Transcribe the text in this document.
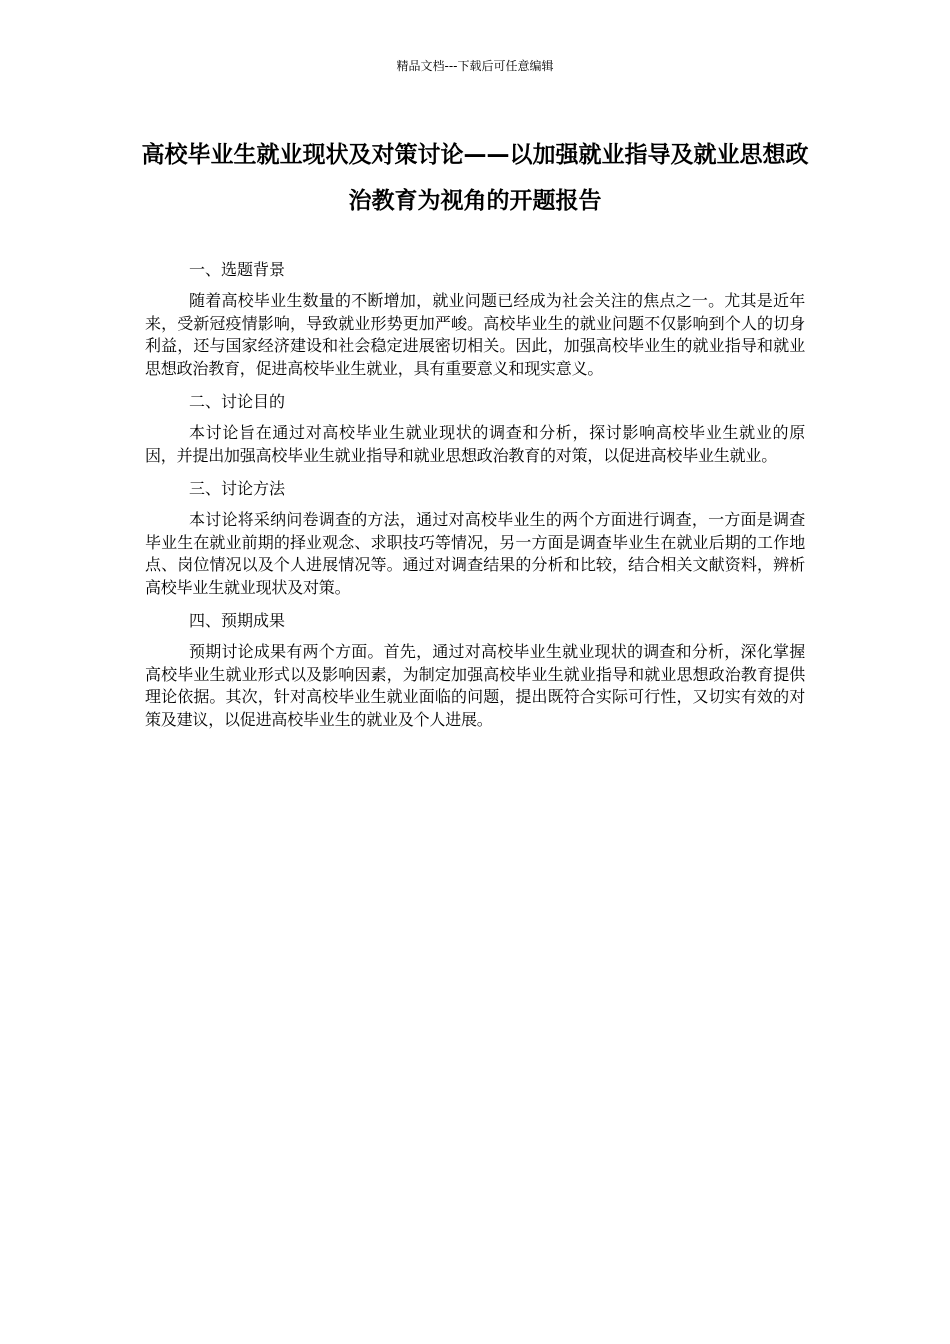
精品文档---下载后可任意编辑
高校毕业生就业现状及对策讨论——以加强就业指导及就业思想政治教育为视角的开题报告

一、选题背景

随着高校毕业生数量的不断增加，就业问题已经成为社会关注的焦点之一。尤其是近年来，受新冠疫情影响，导致就业形势更加严峻。高校毕业生的就业问题不仅影响到个人的切身利益，还与国家经济建设和社会稳定进展密切相关。因此，加强高校毕业生的就业指导和就业思想政治教育，促进高校毕业生就业，具有重要意义和现实意义。

二、讨论目的

本讨论旨在通过对高校毕业生就业现状的调查和分析，探讨影响高校毕业生就业的原因，并提出加强高校毕业生就业指导和就业思想政治教育的对策，以促进高校毕业生就业。

三、讨论方法

本讨论将采纳问卷调查的方法，通过对高校毕业生的两个方面进行调查，一方面是调查毕业生在就业前期的择业观念、求职技巧等情况，另一方面是调查毕业生在就业后期的工作地点、岗位情况以及个人进展情况等。通过对调查结果的分析和比较，结合相关文献资料，辨析高校毕业生就业现状及对策。

四、预期成果

预期讨论成果有两个方面。首先，通过对高校毕业生就业现状的调查和分析，深化掌握高校毕业生就业形式以及影响因素，为制定加强高校毕业生就业指导和就业思想政治教育提供理论依据。其次，针对高校毕业生就业面临的问题，提出既符合实际可行性，又切实有效的对策及建议，以促进高校毕业生的就业及个人进展。
